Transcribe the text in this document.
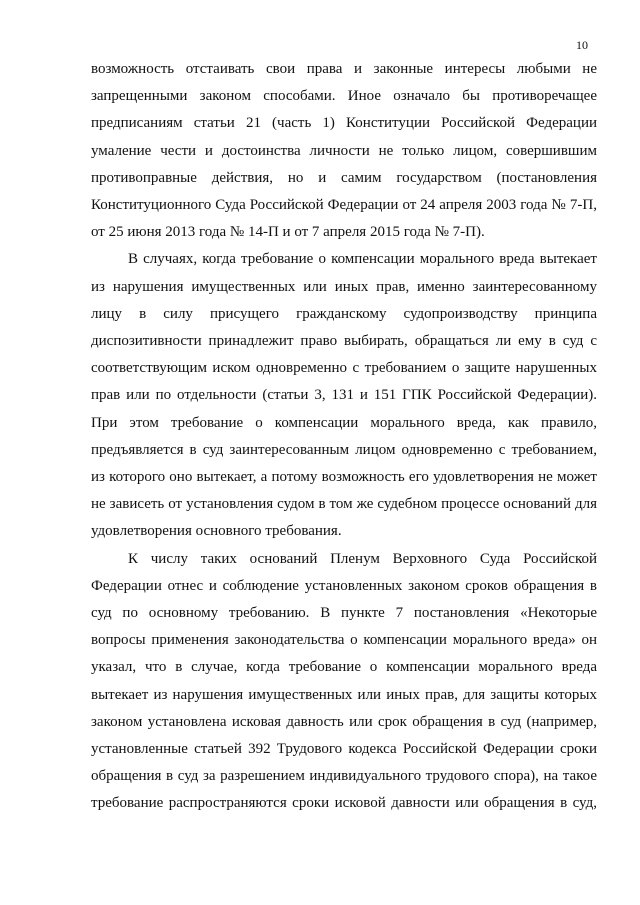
10

возможность отстаивать свои права и законные интересы любыми не запрещенными законом способами. Иное означало бы противоречащее предписаниям статьи 21 (часть 1) Конституции Российской Федерации умаление чести и достоинства личности не только лицом, совершившим противоправные действия, но и самим государством (постановления Конституционного Суда Российской Федерации от 24 апреля 2003 года № 7-П, от 25 июня 2013 года № 14-П и от 7 апреля 2015 года № 7-П).

В случаях, когда требование о компенсации морального вреда вытекает из нарушения имущественных или иных прав, именно заинтересованному лицу в силу присущего гражданскому судопроизводству принципа диспозитивности принадлежит право выбирать, обращаться ли ему в суд с соответствующим иском одновременно с требованием о защите нарушенных прав или по отдельности (статьи 3, 131 и 151 ГПК Российской Федерации). При этом требование о компенсации морального вреда, как правило, предъявляется в суд заинтересованным лицом одновременно с требованием, из которого оно вытекает, а потому возможность его удовлетворения не может не зависеть от установления судом в том же судебном процессе оснований для удовлетворения основного требования.

К числу таких оснований Пленум Верховного Суда Российской Федерации отнес и соблюдение установленных законом сроков обращения в суд по основному требованию. В пункте 7 постановления «Некоторые вопросы применения законодательства о компенсации морального вреда» он указал, что в случае, когда требование о компенсации морального вреда вытекает из нарушения имущественных или иных прав, для защиты которых законом установлена исковая давность или срок обращения в суд (например, установленные статьей 392 Трудового кодекса Российской Федерации сроки обращения в суд за разрешением индивидуального трудового спора), на такое требование распространяются сроки исковой давности или обращения в суд,
